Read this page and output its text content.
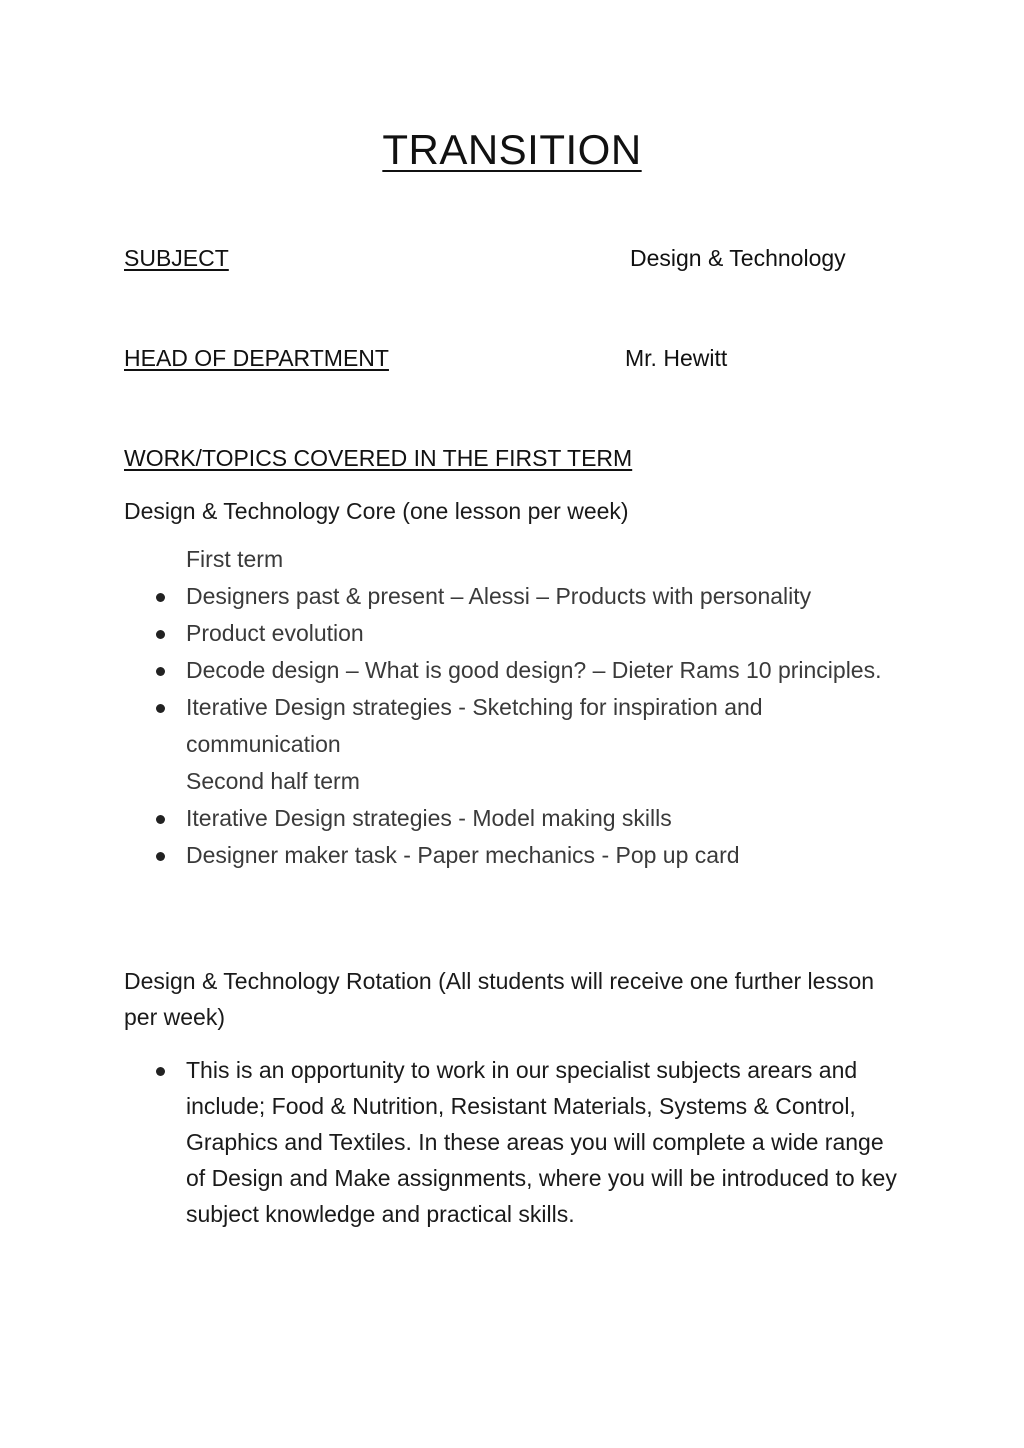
TRANSITION
SUBJECT	Design & Technology
HEAD OF DEPARTMENT	Mr. Hewitt
WORK/TOPICS COVERED IN THE FIRST TERM
Design & Technology Core (one lesson per week)
First term
Designers past & present – Alessi – Products with personality
Product evolution
Decode design – What is good design? – Dieter Rams 10 principles.
Iterative Design strategies - Sketching for inspiration and communication
Second half term
Iterative Design strategies - Model making skills
Designer maker task - Paper mechanics - Pop up card
Design & Technology Rotation (All students will receive one further lesson per week)
This is an opportunity to work in our specialist subjects arears and include; Food & Nutrition, Resistant Materials, Systems & Control, Graphics and Textiles. In these areas you will complete a wide range of Design and Make assignments, where you will be introduced to key subject knowledge and practical skills.
